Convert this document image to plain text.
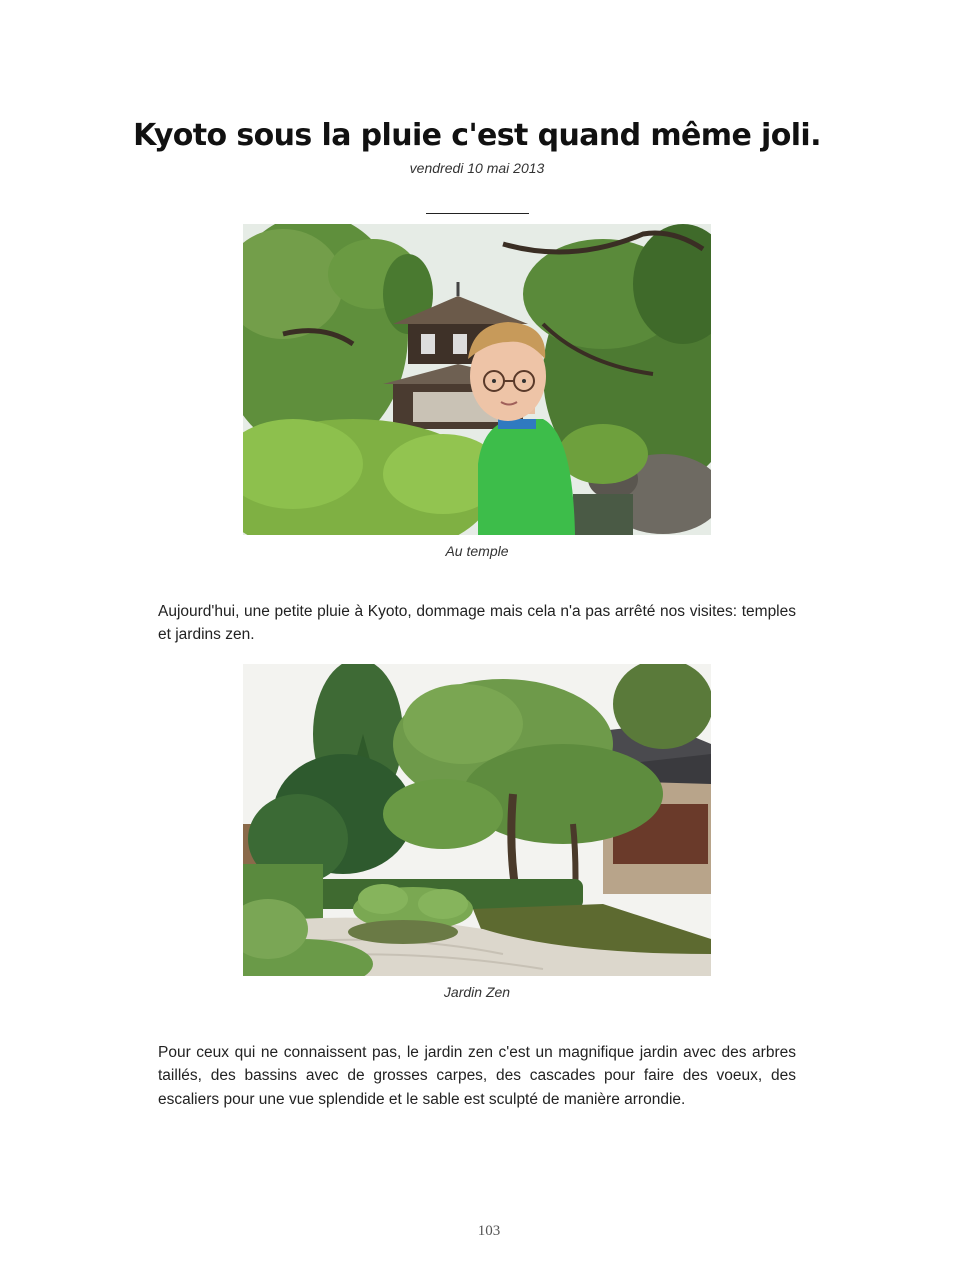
Kyoto sous la pluie c'est quand même joli.
vendredi 10 mai 2013
Au temple

Aujourd'hui, une petite pluie à Kyoto, dommage mais cela n'a pas arrêté nos visites: temples et jardins zen.

Jardin Zen

Pour ceux qui ne connaissent pas, le jardin zen c'est un magnifique jardin avec des arbres taillés, des bassins avec de grosses carpes, des cascades pour faire des voeux, des escaliers pour une vue splendide et le sable est sculpté de manière arrondie.

103
